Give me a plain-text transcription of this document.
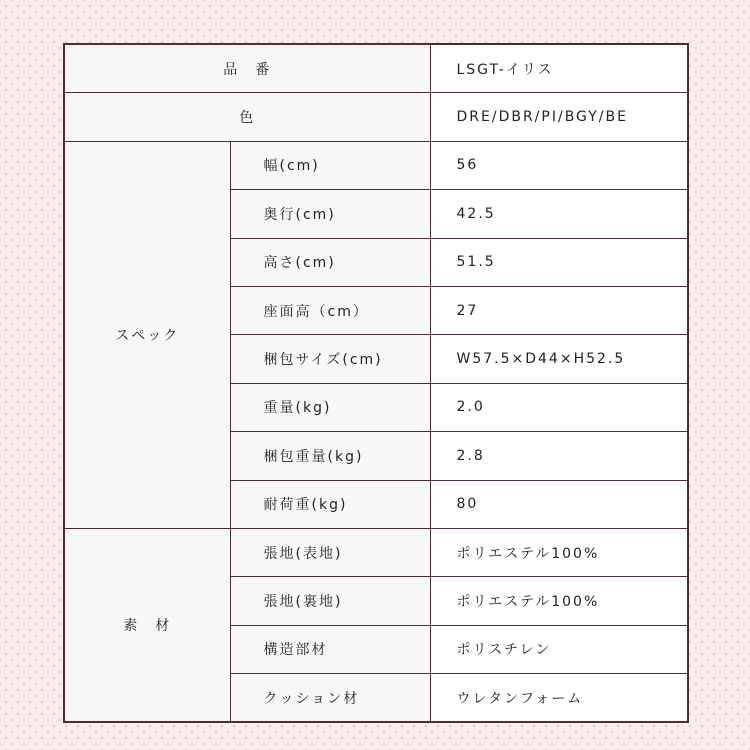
品　番		LSGT-イリス
色		DRE/DBR/PI/BGY/BE
スペック	幅(cm)	56
	奥行(cm)	42.5
	高さ(cm)	51.5
	座面高（cm）	27
	梱包サイズ(cm)	W57.5×D44×H52.5
	重量(kg)	2.0
	梱包重量(kg)	2.8
	耐荷重(kg)	80
素　材	張地(表地)	ポリエステル100%
	張地(裏地)	ポリエステル100%
	構造部材	ポリスチレン
	クッション材	ウレタンフォーム
